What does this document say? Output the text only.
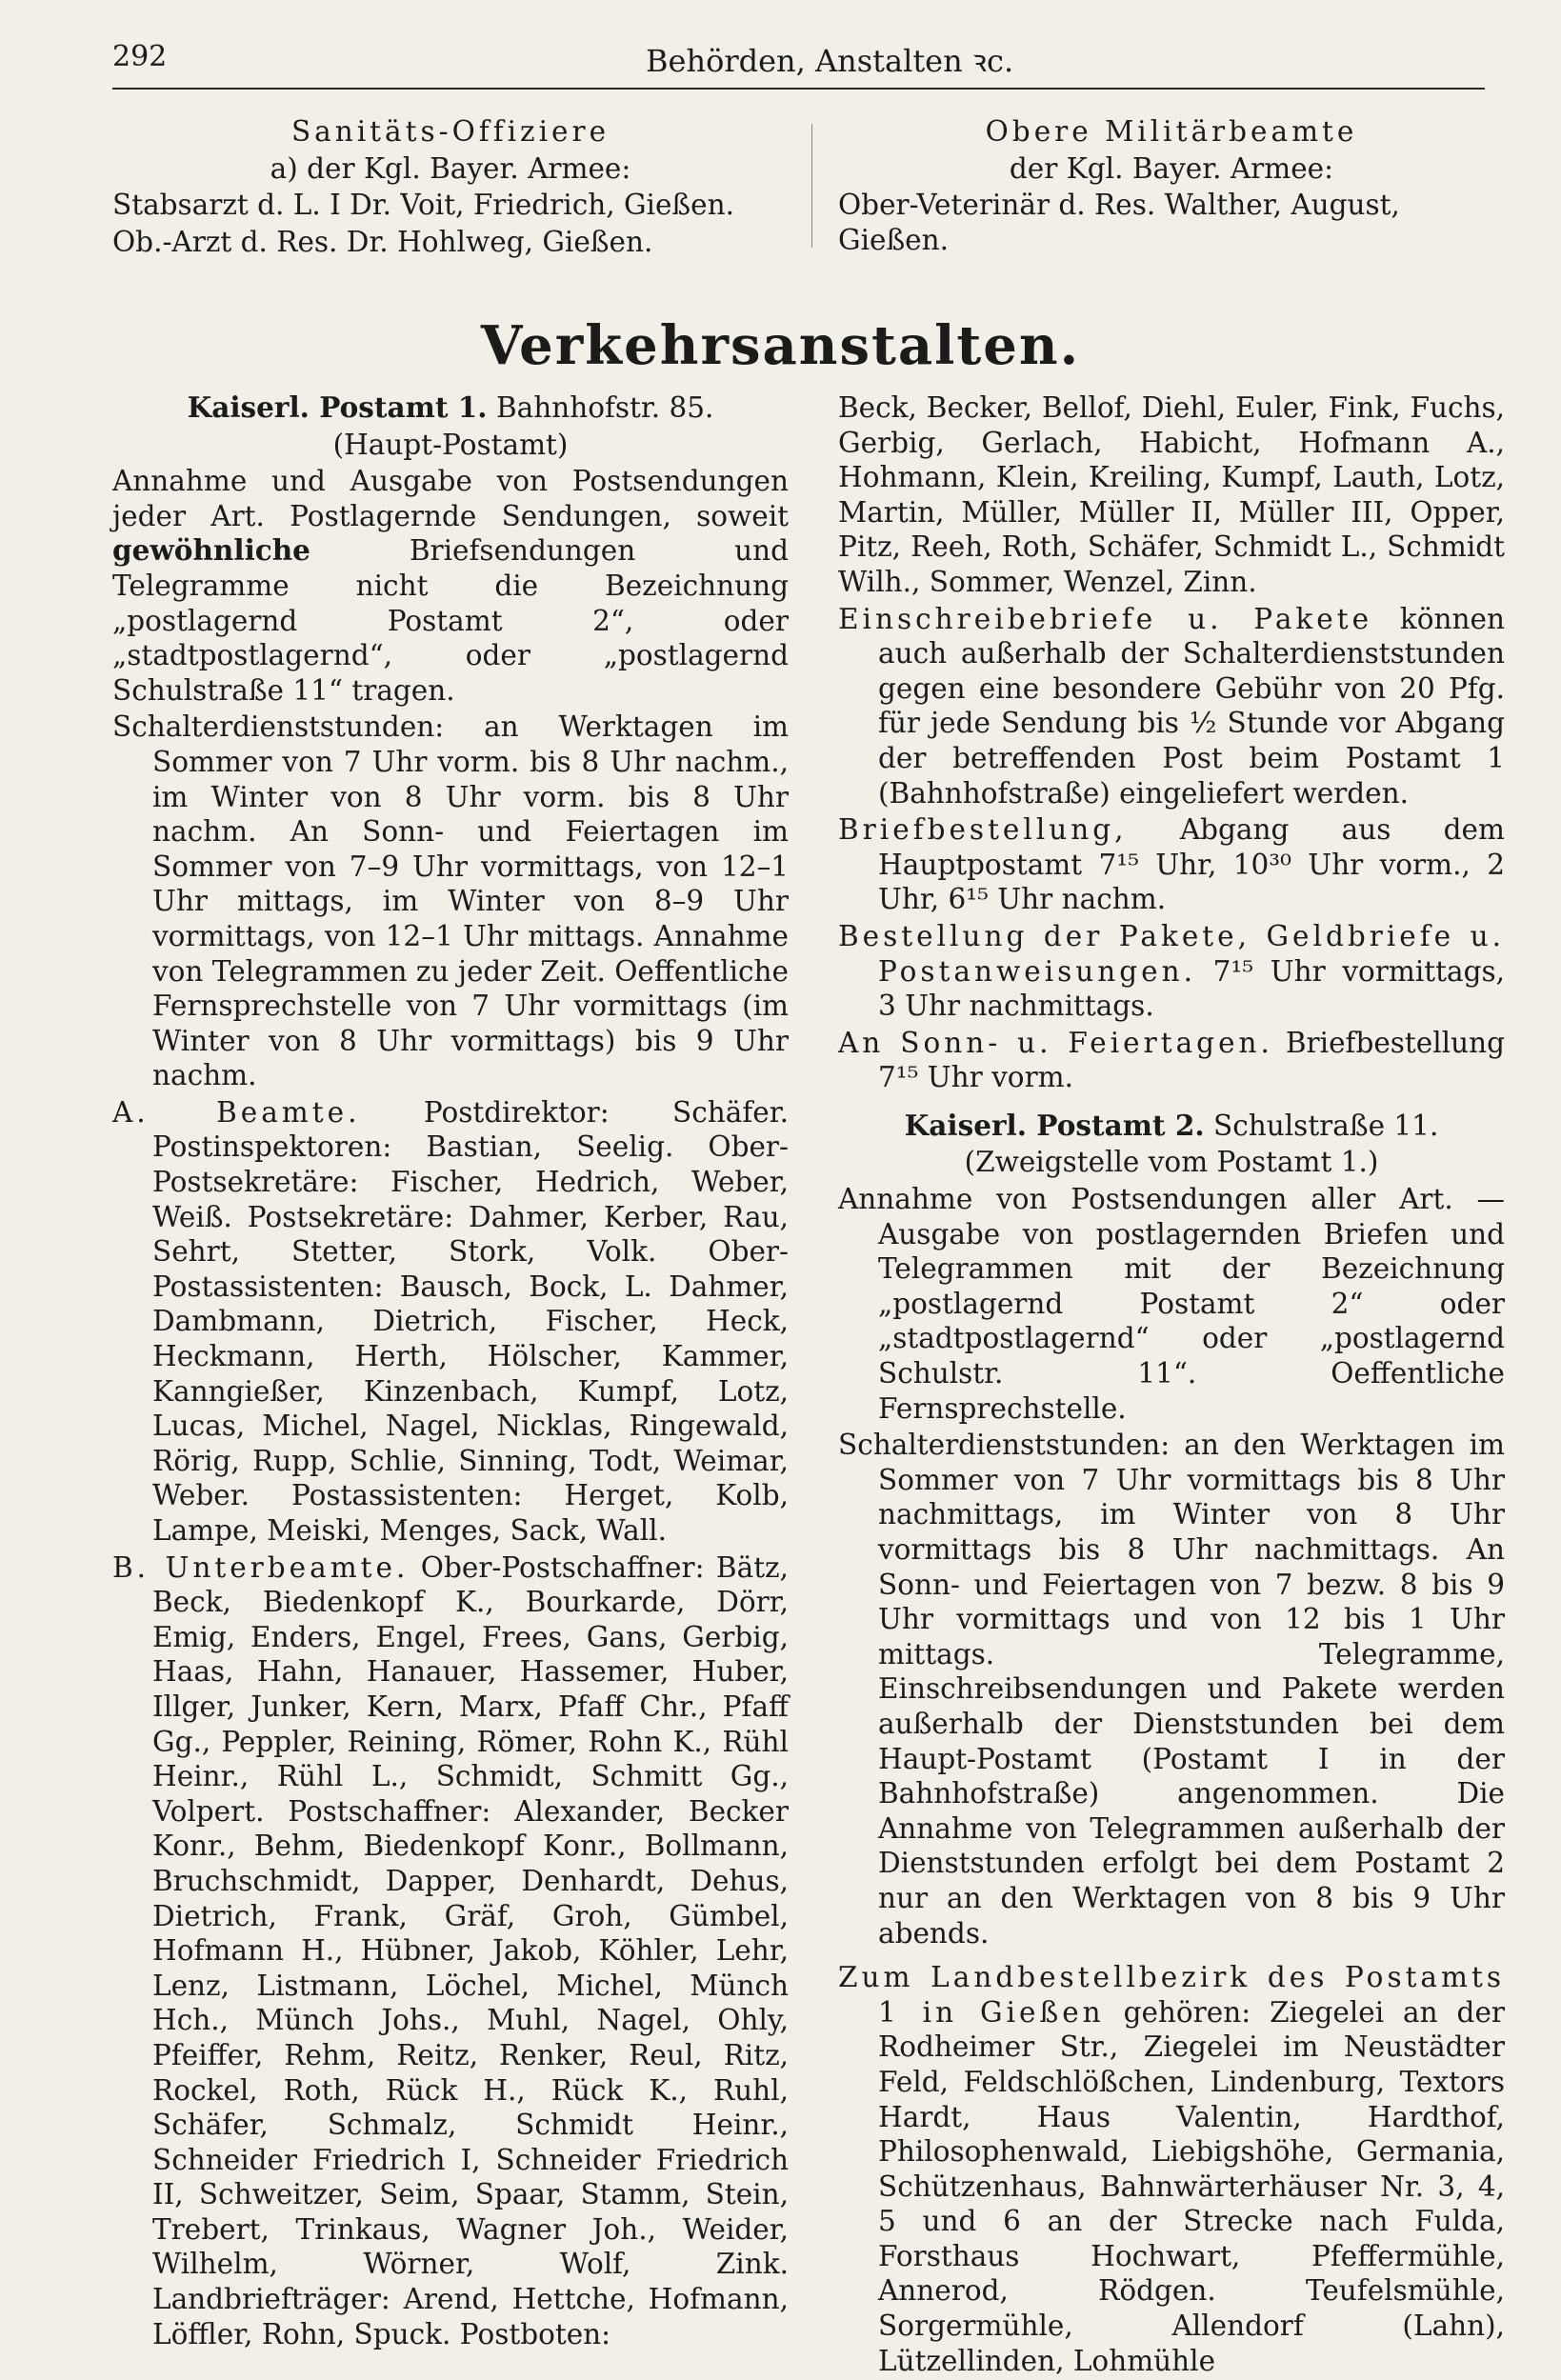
292	Behörden, Anstalten ꝛc.

Sanitäts-Offiziere

a) der Kgl. Bayer. Armee:

Stabsarzt d. L. I Dr. Voit, Friedrich, Gießen.

Ob.-Arzt d. Res. Dr. Hohlweg, Gießen.

Obere Militärbeamte

der Kgl. Bayer. Armee:

Ober-Veterinär d. Res. Walther, August, Gießen.

Verkehrsanstalten.
Kaiserl. Postamt 1. Bahnhofstr. 85.

(Haupt-Postamt)

Annahme und Ausgabe von Postsendungen jeder Art. Postlagernde Sendungen, soweit gewöhnliche	Briefsendungen und Telegramme nicht die Bezeichnung „postlagernd Postamt 2“, oder „stadtpostlagernd“, oder „postlagernd Schulstraße 11“ tragen.

Schalterdienststunden: an Werktagen im Sommer von 7 Uhr vorm. bis 8 Uhr nachm., im Winter von 8 Uhr vorm. bis 8 Uhr nachm. An Sonn- und Feiertagen im Sommer von 7–9 Uhr vormittags, von 12–1 Uhr mittags, im Winter von 8–9 Uhr vormittags, von 12–1 Uhr mittags. Annahme von Telegrammen zu jeder Zeit. Oeffentliche Fernsprechstelle von 7 Uhr vormittags (im Winter von 8 Uhr vormittags) bis 9 Uhr nachm.

A. Beamte. Postdirektor: Schäfer. Postinspektoren: Bastian, Seelig. Ober-Postsekretäre: Fischer, Hedrich, Weber, Weiß. Postsekretäre: Dahmer, Kerber, Rau, Sehrt, Stetter, Stork, Volk. Ober-Postassistenten: Bausch, Bock, L. Dahmer, Dambmann, Dietrich, Fischer, Heck, Heckmann, Herth, Hölscher, Kammer, Kanngießer, Kinzenbach, Kumpf, Lotz, Lucas, Michel, Nagel, Nicklas, Ringewald, Rörig, Rupp, Schlie, Sinning, Todt, Weimar, Weber. Postassistenten: Herget, Kolb, Lampe, Meiski, Menges, Sack, Wall.

B. Unterbeamte. Ober-Postschaffner: Bätz, Beck, Biedenkopf K., Bourkarde, Dörr, Emig, Enders, Engel, Frees, Gans, Gerbig, Haas, Hahn, Hanauer, Hassemer, Huber, Illger, Junker, Kern, Marx, Pfaff Chr., Pfaff Gg., Peppler, Reining, Römer, Rohn K., Rühl Heinr., Rühl L., Schmidt, Schmitt Gg., Volpert. Postschaffner: Alexander, Becker Konr., Behm, Biedenkopf Konr., Bollmann, Bruchschmidt, Dapper, Denhardt, Dehus, Dietrich, Frank, Gräf, Groh, Gümbel, Hofmann H., Hübner, Jakob, Köhler, Lehr, Lenz, Listmann, Löchel, Michel, Münch Hch., Münch Johs., Muhl, Nagel, Ohly, Pfeiffer, Rehm, Reitz, Renker, Reul, Ritz, Rockel, Roth, Rück H., Rück K., Ruhl, Schäfer, Schmalz, Schmidt Heinr., Schneider Friedrich I, Schneider Friedrich II, Schweitzer, Seim, Spaar, Stamm, Stein, Trebert, Trinkaus, Wagner Joh., Weider, Wilhelm, Wörner, Wolf, Zink. Landbriefträger: Arend, Hettche, Hofmann, Löffler, Rohn, Spuck. Postboten:

Beck, Becker, Bellof, Diehl, Euler, Fink, Fuchs, Gerbig, Gerlach, Habicht, Hofmann A., Hohmann, Klein, Kreiling, Kumpf, Lauth, Lotz, Martin, Müller, Müller II, Müller III, Opper, Pitz, Reeh, Roth, Schäfer, Schmidt L., Schmidt Wilh., Sommer, Wenzel, Zinn.

Einschreibebriefe u. Pakete können auch außerhalb der Schalterdienststunden gegen eine besondere Gebühr von 20 Pfg. für jede Sendung bis ½ Stunde vor Abgang der betreffenden Post beim Postamt 1 (Bahnhofstraße) eingeliefert werden.

Briefbestellung, Abgang aus dem Hauptpostamt 7¹⁵ Uhr, 10³⁰ Uhr vorm., 2 Uhr, 6¹⁵ Uhr nachm.

Bestellung der Pakete, Geldbriefe u. Postanweisungen. 7¹⁵ Uhr vormittags, 3 Uhr nachmittags.

An Sonn- u. Feiertagen. Briefbestellung 7¹⁵ Uhr vorm.

Kaiserl. Postamt 2. Schulstraße 11.

(Zweigstelle vom Postamt 1.)

Annahme von Postsendungen aller Art. — Ausgabe von postlagernden Briefen und Telegrammen mit der Bezeichnung „postlagernd Postamt 2“ oder „stadtpostlagernd“ oder „postlagernd Schulstr. 11“. Oeffentliche Fernsprechstelle.

Schalterdienststunden: an den Werktagen im Sommer von 7 Uhr vormittags bis 8 Uhr nachmittags, im Winter von 8 Uhr vormittags bis 8 Uhr nachmittags. An Sonn- und Feiertagen von 7 bezw. 8 bis 9 Uhr vormittags und von 12 bis 1 Uhr mittags. Telegramme, Einschreibsendungen und Pakete werden außerhalb der Dienststunden bei dem Haupt-Postamt (Postamt I in der Bahnhofstraße) angenommen. Die Annahme von Telegrammen außerhalb der Dienststunden erfolgt bei dem Postamt 2 nur an den Werktagen von 8 bis 9 Uhr abends.

Zum Landbestellbezirk des Postamts 1 in Gießen gehören: Ziegelei an der Rodheimer Str., Ziegelei im Neustädter Feld, Feldschlößchen, Lindenburg, Textors Hardt, Haus Valentin, Hardthof, Philosophenwald, Liebigshöhe, Germania, Schützenhaus, Bahnwärterhäuser Nr. 3, 4, 5 und 6 an der Strecke nach Fulda, Forsthaus Hochwart, Pfeffermühle, Annerod, Rödgen. Teufelsmühle, Sorgermühle, Allendorf (Lahn), Lützellinden, Lohmühle
